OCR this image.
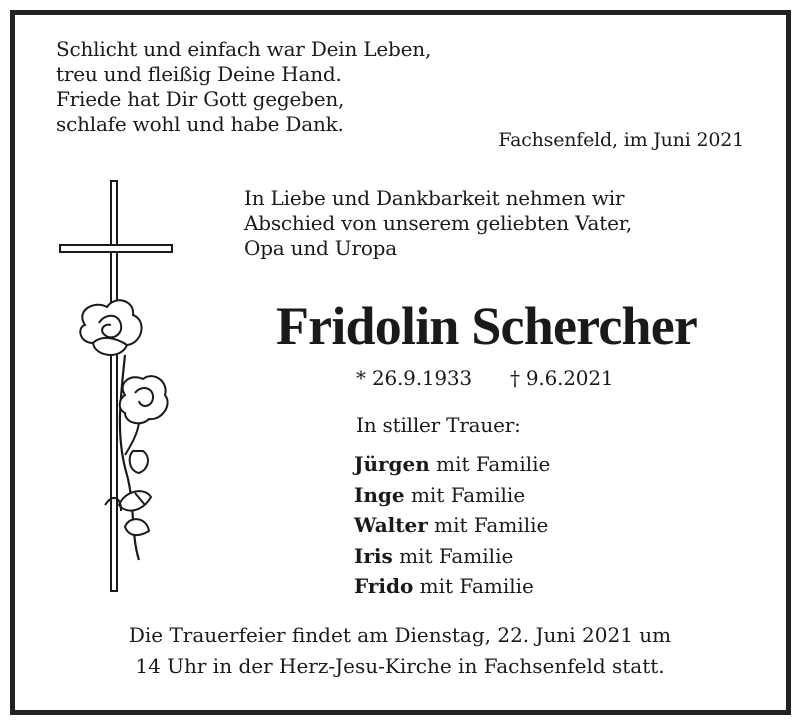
Schlicht und einfach war Dein Leben,
treu und fleißig Deine Hand.
Friede hat Dir Gott gegeben,
schlafe wohl und habe Dank.
Fachsenfeld, im Juni 2021
In Liebe und Dankbarkeit nehmen wir
Abschied von unserem geliebten Vater,
Opa und Uropa
Fridolin Schercher
* 26.9.1933 † 9.6.2021
In stiller Trauer:
Jürgen mit Familie
Inge mit Familie
Walter mit Familie
Iris mit Familie
Frido mit Familie
Die Trauerfeier findet am Dienstag, 22. Juni 2021 um
14 Uhr in der Herz-Jesu-Kirche in Fachsenfeld statt.
